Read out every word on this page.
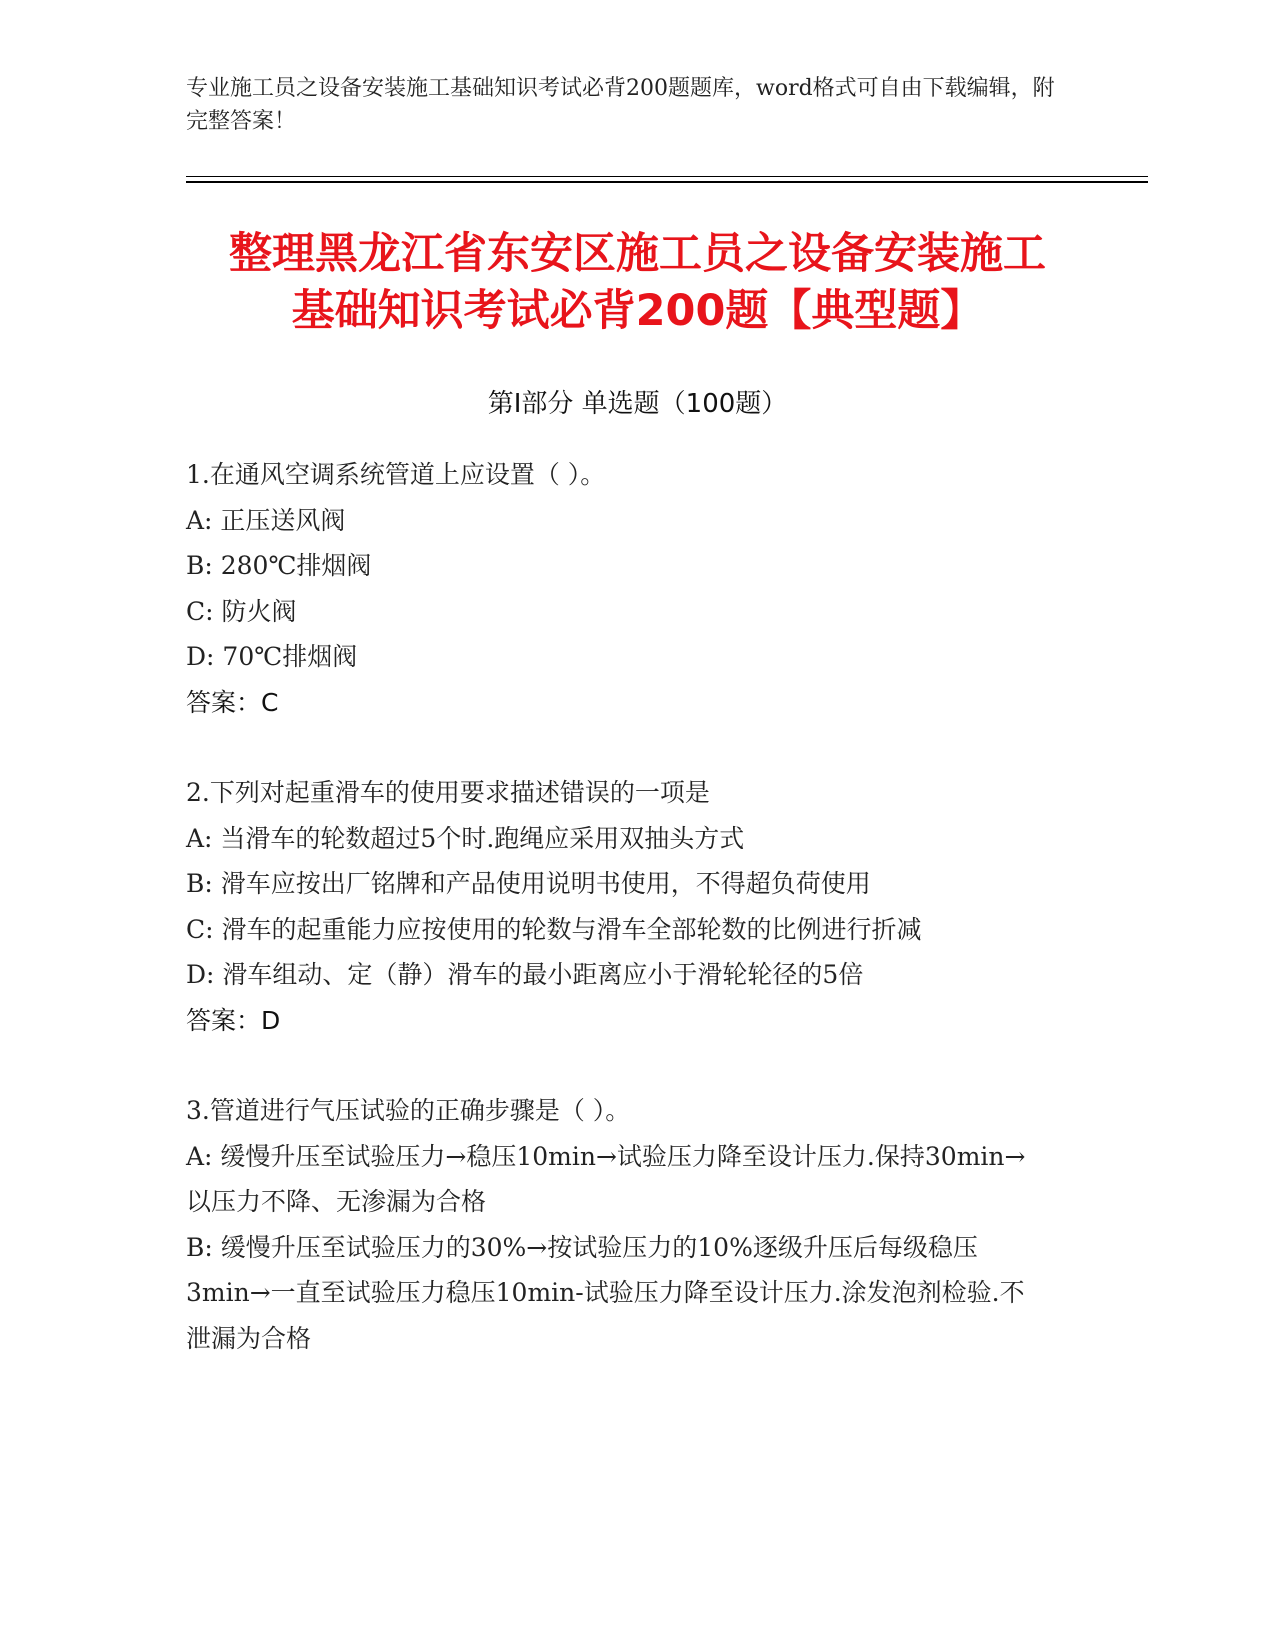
专业施工员之设备安装施工基础知识考试必背200题题库，word格式可自由下载编辑，附完整答案！
整理黑龙江省东安区施工员之设备安装施工
基础知识考试必背200题【典型题】
第Ⅰ部分 单选题（100题）
1.在通风空调系统管道上应设置（ ）。
A: 正压送风阀
B: 280℃排烟阀
C: 防火阀
D: 70℃排烟阀
答案：C
2.下列对起重滑车的使用要求描述错误的一项是
A: 当滑车的轮数超过5个时.跑绳应采用双抽头方式
B: 滑车应按出厂铭牌和产品使用说明书使用，不得超负荷使用
C: 滑车的起重能力应按使用的轮数与滑车全部轮数的比例进行折减
D: 滑车组动、定（静）滑车的最小距离应小于滑轮轮径的5倍
答案：D
3.管道进行气压试验的正确步骤是（ ）。
A: 缓慢升压至试验压力→稳压10min→试验压力降至设计压力.保持30min→以压力不降、无渗漏为合格
B: 缓慢升压至试验压力的30%→按试验压力的10%逐级升压后每级稳压3min→一直至试验压力稳压10min-试验压力降至设计压力.涂发泡剂检验.不泄漏为合格
